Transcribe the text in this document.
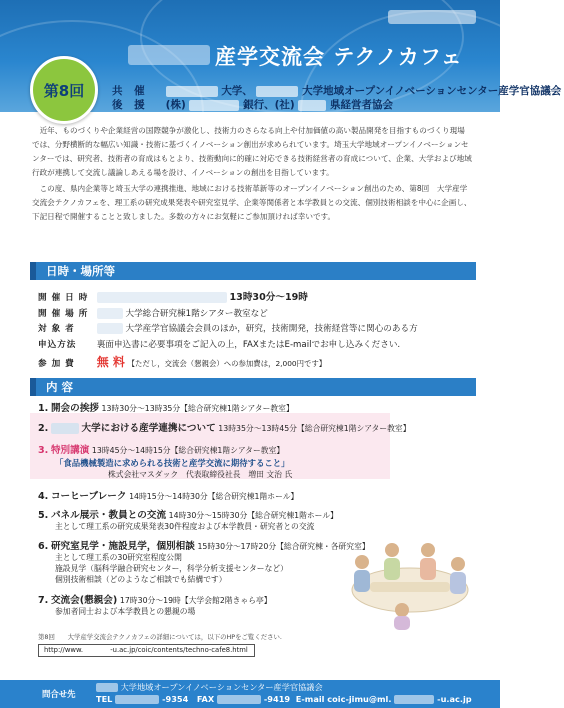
産学交流会 テクノカフェ
共 催	大学、	大学地域オープンイノベーションセンター産学官協議会
後 援 (株)	銀行、(社)	県経営者協会
第8回

近年、ものづくりや企業経営の国際競争が激化し、技術力のさらなる向上や付加価値の高い製品開発を目指すものづくり現場では、分野横断的な幅広い知識・技術に基づくイノベーション創出が求められています。埼玉大学地域オープンイノベーションセンターでは、研究者、技術者の育成はもとより、技術動向に的確に対応できる技術経営者の育成について、企業、大学および地域行政が連携して交流し議論しあえる場を設け、イノベーションの創出を目指しています。

この度、県内企業等と埼玉大学の連携推進、地域における技術革新等のオープンイノベーション創出のため、第8回　大学産学交流会テクノカフェを、理工系の研究成果発表や研究室見学、企業等関係者と本学教員との交流、個別技術相談を中心に企画し、下記日程で開催することと致しました。多数の方々にお気軽にご参加頂ければ幸いです。

日時・場所等
開 催 日 時	13時30分～19時
開 催 場 所	大学総合研究棟1階シアター教室など
対 象 者	大学産学官協議会会員のほか，研究，技術開発，技術経営等に関心のある方
申込方法 裏面申込書に必要事項をご記入の上，FAXまたはE-mailでお申し込みください.
参 加 費 無 料 【ただし，交流会（懇親会）への参加費は，2,000円です】
内 容
1. 開会の挨拶 13時30分～13時35分【総合研究棟1階シアター教室】
2.	大学における産学連携について 13時35分～13時45分【総合研究棟1階シアター教室】
3. 特別講演 13時45分～14時15分【総合研究棟1階シアター教室】
「食品機械製造に求められる技術と産学交流に期待すること」
株式会社マスダック　代表取締役社長　増田 文治 氏
4. コーヒーブレーク 14時15分～14時30分【総合研究棟1階ホール】
5. パネル展示・教員との交流 14時30分～15時30分【総合研究棟1階ホール】
主として理工系の研究成果発表30件程度および本学教員・研究者との交流
6. 研究室見学・施設見学，個別相談 15時30分～17時20分【総合研究棟・各研究室】
主として理工系の30研究室程度公開
施設見学（脳科学融合研究センター，科学分析支援センターなど）
個別技術相談（どのようなご相談でも結構です）
7. 交流会(懇親会) 17時30分～19時【大学会館2階きゃら亭】
参加者同士および本学教員との懇親の場
第8回　　大学産学交流会テクノカフェの詳細については，以下のHPをご覧ください.
http://www.　　　　-u.ac.jp/coic/contents/techno-cafe8.html
問合せ先
大学地域オープンイノベーションセンター産学官協議会
TEL	-9354 FAX	-9419 E-mail coic-jimu@ml.	-u.ac.jp
